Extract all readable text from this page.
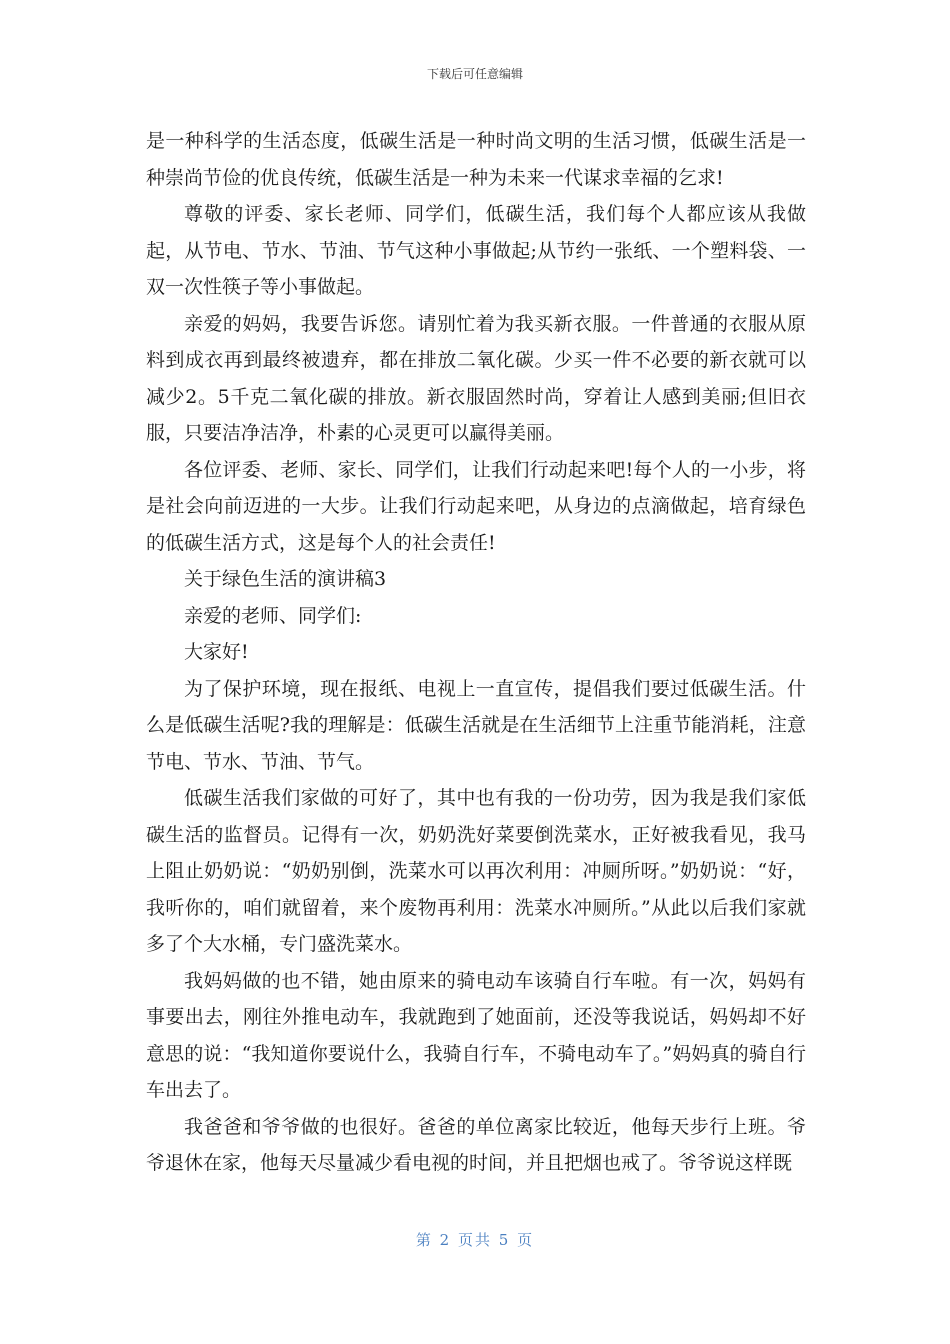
下载后可任意编辑

是一种科学的生活态度，低碳生活是一种时尚文明的生活习惯，低碳生活是一种崇尚节俭的优良传统，低碳生活是一种为未来一代谋求幸福的乞求!

尊敬的评委、家长老师、同学们，低碳生活，我们每个人都应该从我做起，从节电、节水、节油、节气这种小事做起;从节约一张纸、一个塑料袋、一双一次性筷子等小事做起。

亲爱的妈妈，我要告诉您。请别忙着为我买新衣服。一件普通的衣服从原料到成衣再到最终被遗弃，都在排放二氧化碳。少买一件不必要的新衣就可以减少2。5千克二氧化碳的排放。新衣服固然时尚，穿着让人感到美丽;但旧衣服，只要洁净洁净，朴素的心灵更可以赢得美丽。

各位评委、老师、家长、同学们，让我们行动起来吧!每个人的一小步，将是社会向前迈进的一大步。让我们行动起来吧，从身边的点滴做起，培育绿色的低碳生活方式，这是每个人的社会责任!

关于绿色生活的演讲稿3

亲爱的老师、同学们:

大家好!

为了保护环境，现在报纸、电视上一直宣传，提倡我们要过低碳生活。什么是低碳生活呢?我的理解是：低碳生活就是在生活细节上注重节能消耗，注意节电、节水、节油、节气。

低碳生活我们家做的可好了，其中也有我的一份功劳，因为我是我们家低碳生活的监督员。记得有一次，奶奶洗好菜要倒洗菜水，正好被我看见，我马上阻止奶奶说：“奶奶别倒，洗菜水可以再次利用：冲厕所呀。”奶奶说：“好，我听你的，咱们就留着，来个废物再利用：洗菜水冲厕所。”从此以后我们家就多了个大水桶，专门盛洗菜水。

我妈妈做的也不错，她由原来的骑电动车该骑自行车啦。有一次，妈妈有事要出去，刚往外推电动车，我就跑到了她面前，还没等我说话，妈妈却不好意思的说：“我知道你要说什么，我骑自行车，不骑电动车了。”妈妈真的骑自行车出去了。

我爸爸和爷爷做的也很好。爸爸的单位离家比较近，他每天步行上班。爷爷退休在家，他每天尽量减少看电视的时间，并且把烟也戒了。爷爷说这样既

第 2 页共 5 页
